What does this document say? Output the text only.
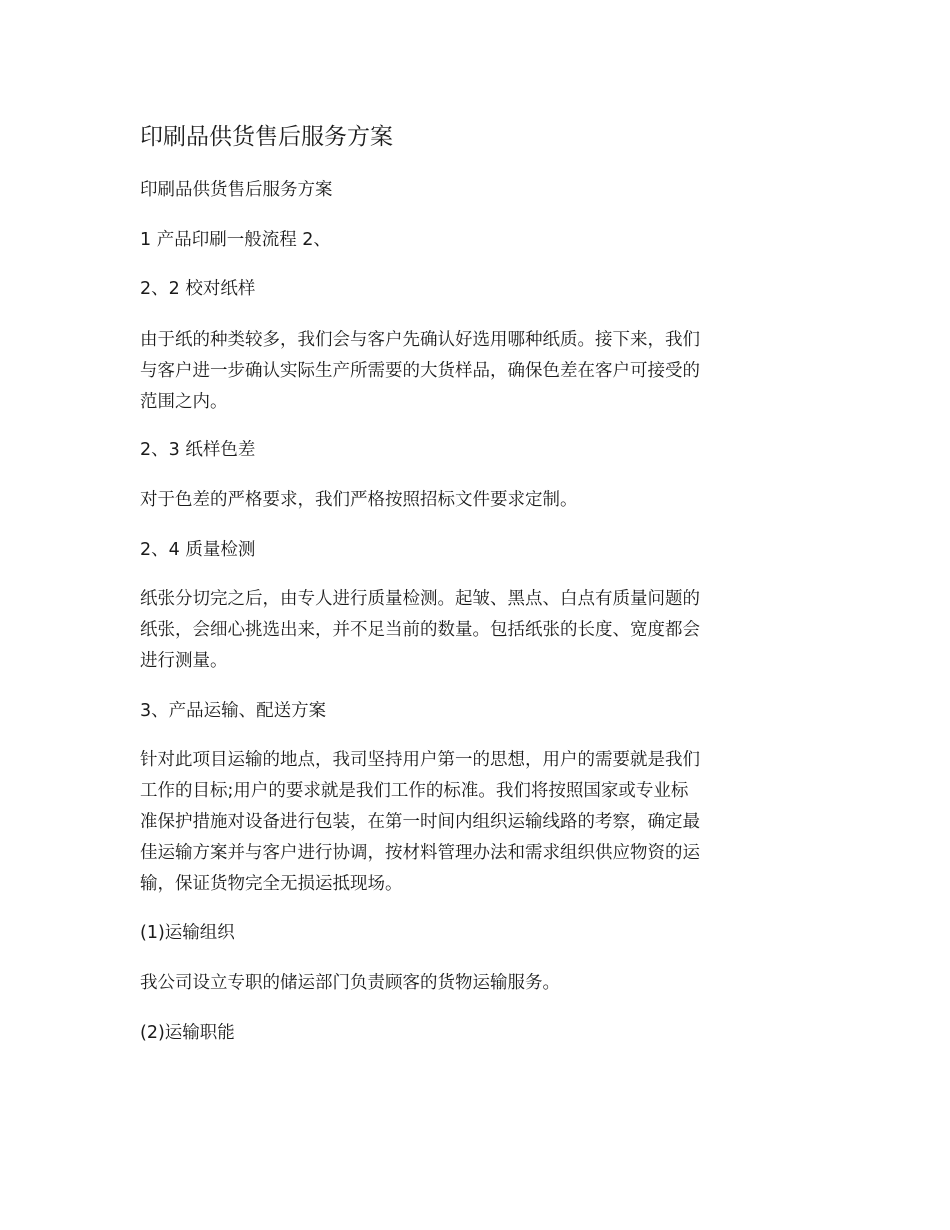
印刷品供货售后服务方案

印刷品供货售后服务方案

1 产品印刷一般流程 2、

2、2 校对纸样

由于纸的种类较多，我们会与客户先确认好选用哪种纸质。接下来，我们
与客户进一步确认实际生产所需要的大货样品，确保色差在客户可接受的
范围之内。

2、3 纸样色差

对于色差的严格要求，我们严格按照招标文件要求定制。

2、4 质量检测

纸张分切完之后，由专人进行质量检测。起皱、黑点、白点有质量问题的
纸张，会细心挑选出来，并不足当前的数量。包括纸张的长度、宽度都会
进行测量。

3、产品运输、配送方案

针对此项目运输的地点，我司坚持用户第一的思想，用户的需要就是我们
工作的目标;用户的要求就是我们工作的标准。我们将按照国家或专业标
准保护措施对设备进行包装，在第一时间内组织运输线路的考察，确定最
佳运输方案并与客户进行协调，按材料管理办法和需求组织供应物资的运
输，保证货物完全无损运抵现场。

(1)运输组织

我公司设立专职的储运部门负责顾客的货物运输服务。

(2)运输职能
